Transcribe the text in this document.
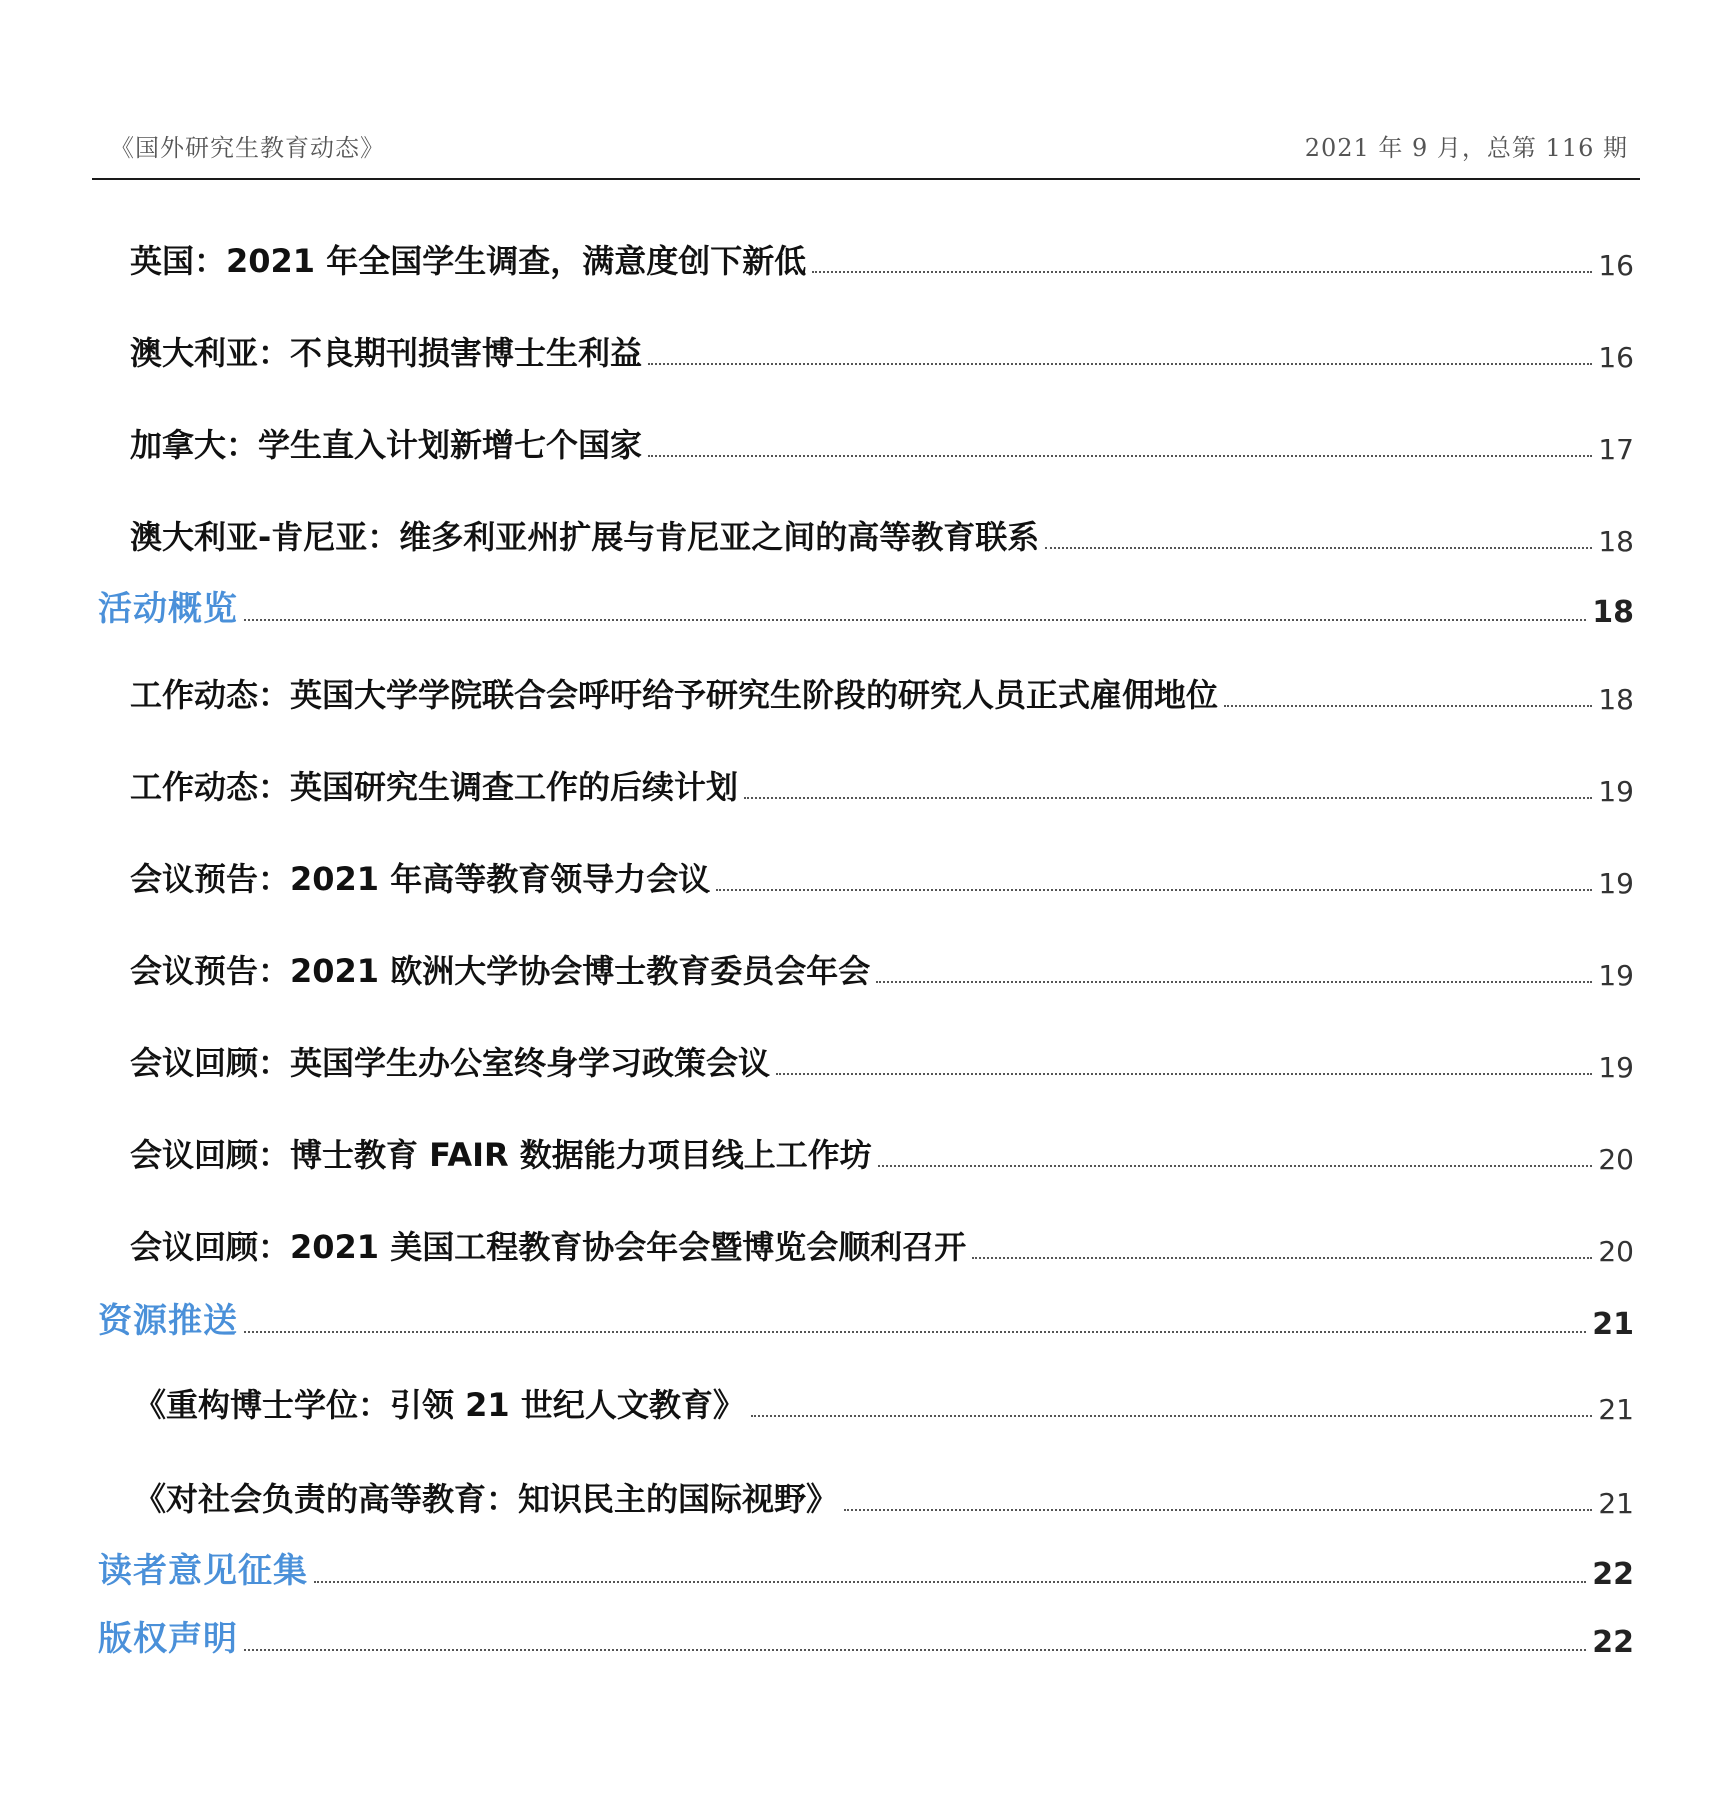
《国外研究生教育动态》	2021 年 9 月，总第 116 期
英国：2021 年全国学生调查，满意度创下新低	16
澳大利亚：不良期刊损害博士生利益	16
加拿大：学生直入计划新增七个国家	17
澳大利亚-肯尼亚：维多利亚州扩展与肯尼亚之间的高等教育联系	18
活动概览	18
工作动态：英国大学学院联合会呼吁给予研究生阶段的研究人员正式雇佣地位	18
工作动态：英国研究生调查工作的后续计划	19
会议预告：2021 年高等教育领导力会议	19
会议预告：2021 欧洲大学协会博士教育委员会年会	19
会议回顾：英国学生办公室终身学习政策会议	19
会议回顾：博士教育 FAIR 数据能力项目线上工作坊	20
会议回顾：2021 美国工程教育协会年会暨博览会顺利召开	20
资源推送	21
《重构博士学位：引领 21 世纪人文教育》	21
《对社会负责的高等教育：知识民主的国际视野》	21
读者意见征集	22
版权声明	22
